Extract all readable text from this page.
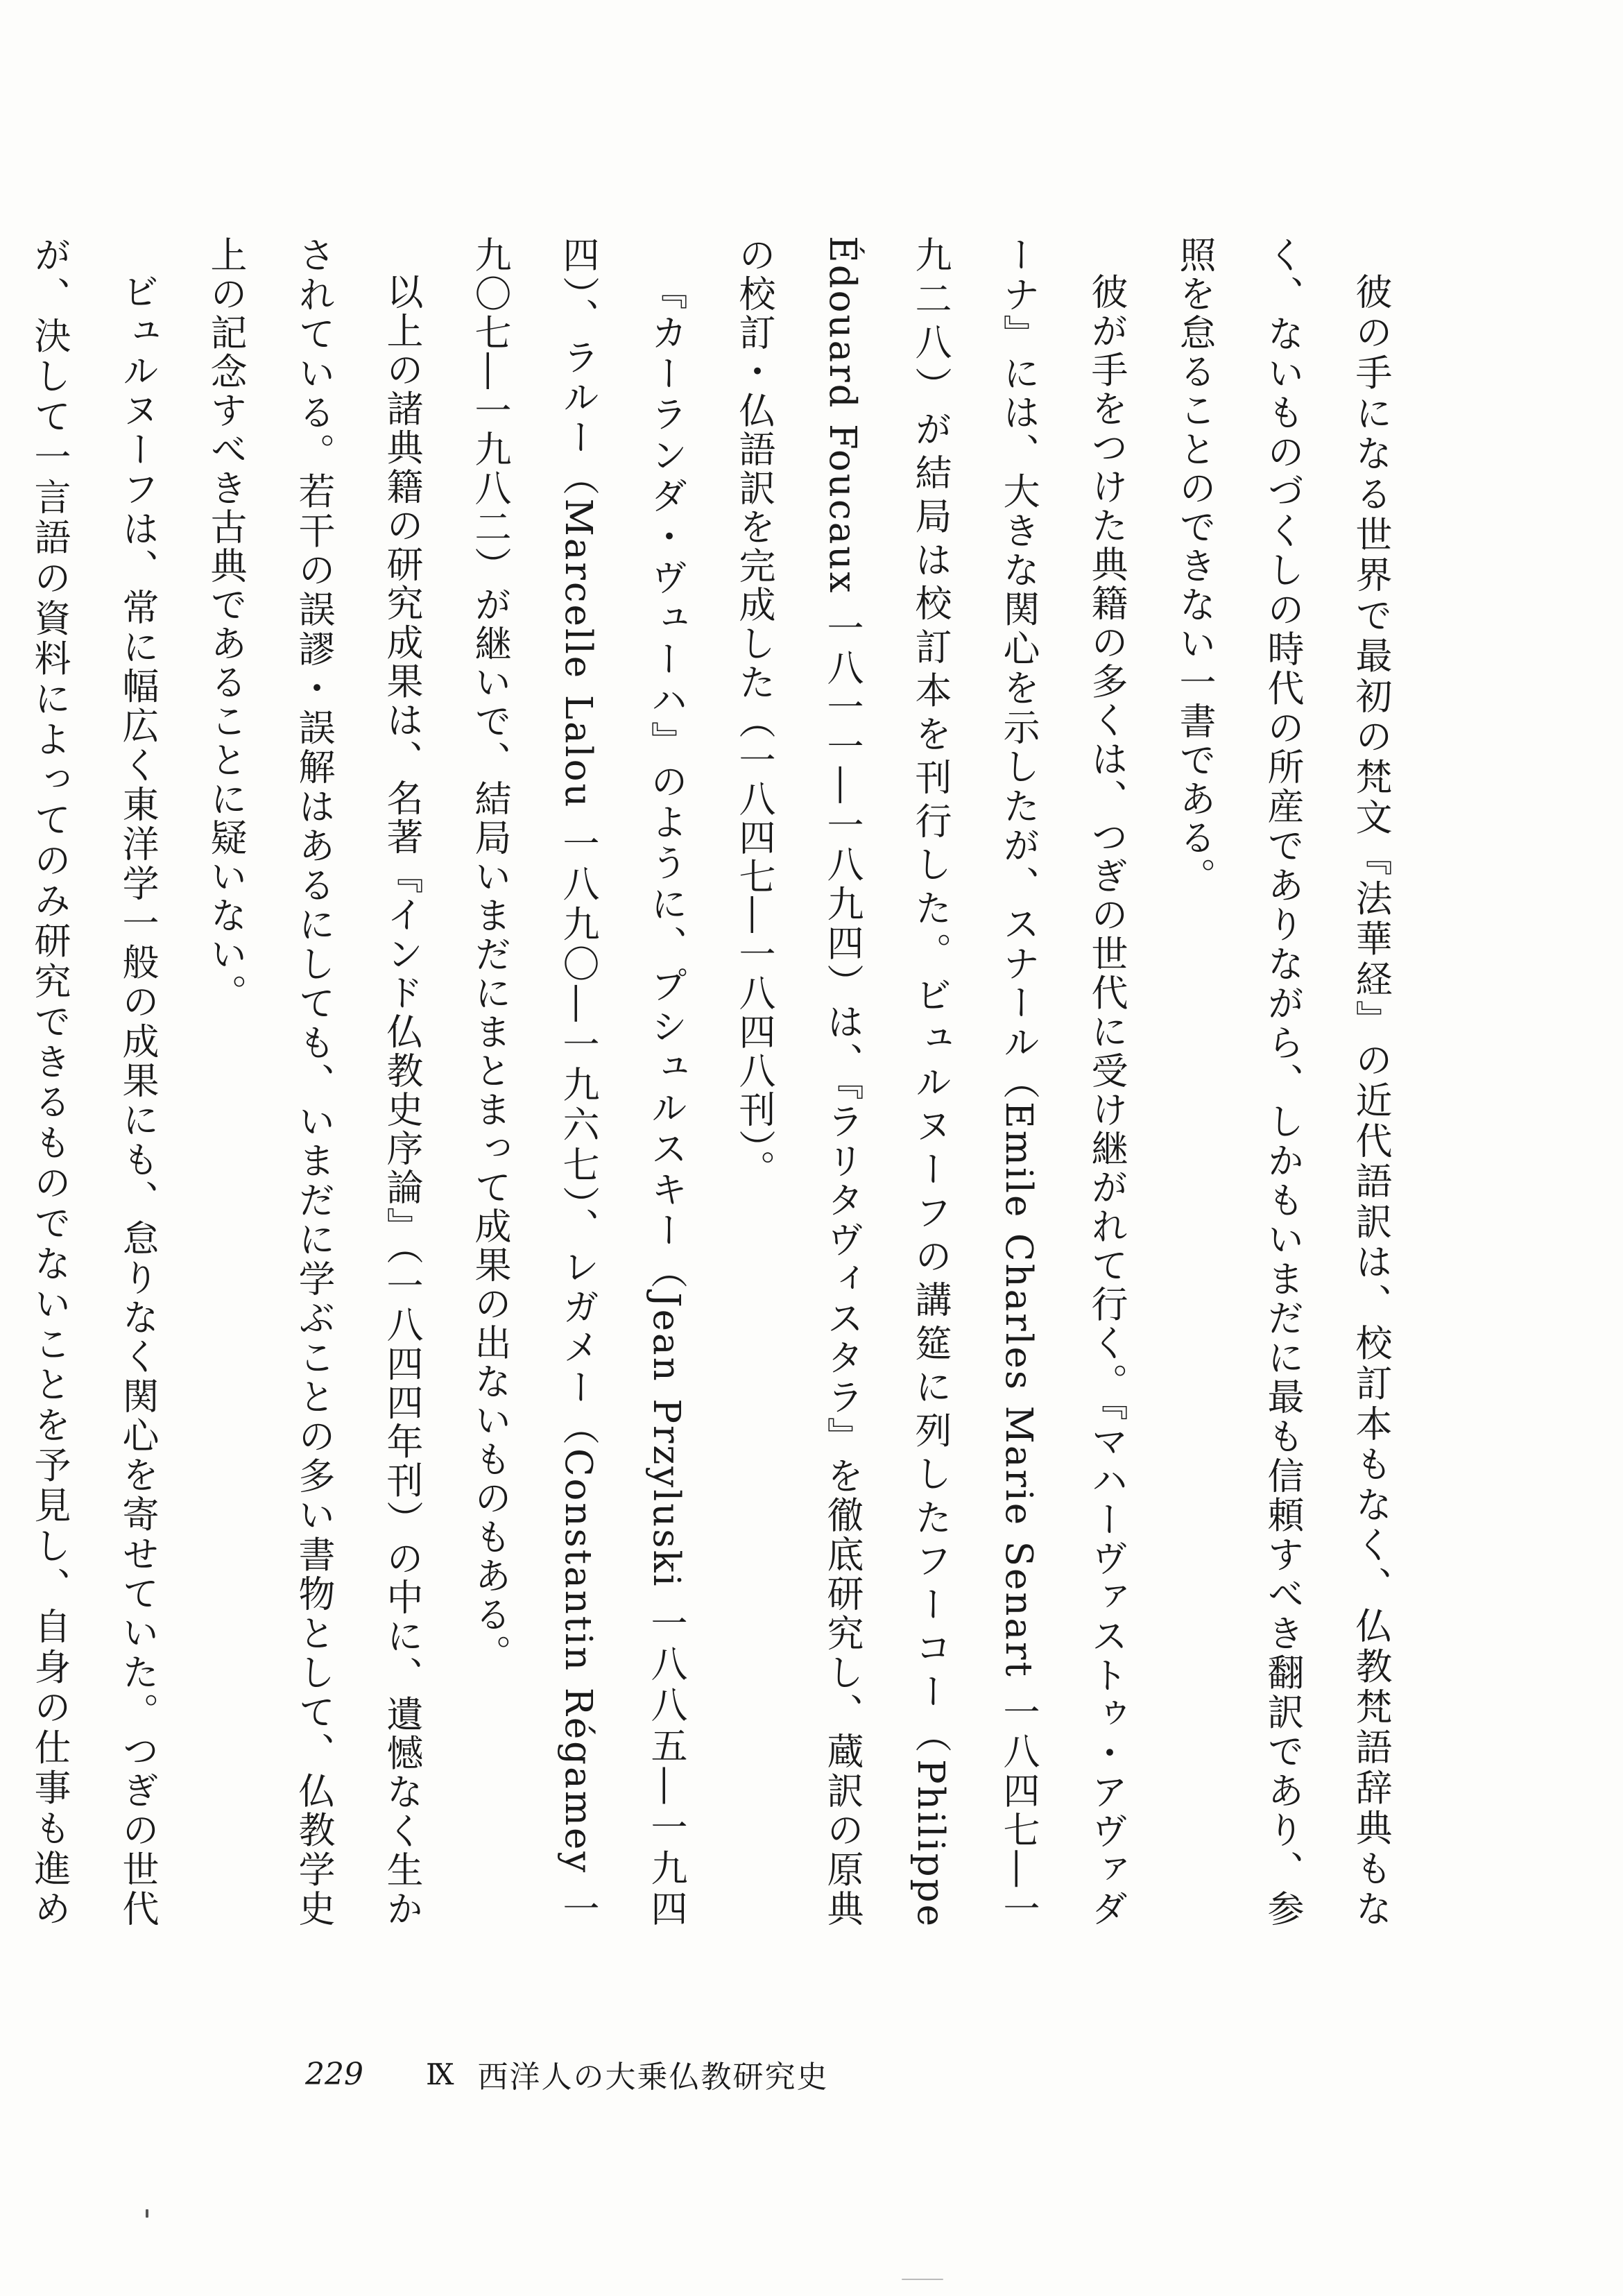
彼の手になる世界で最初の梵文『法華経』の近代語訳は、校訂本もなく、仏教梵語辞典もなく、ないものづくしの時代の所産でありながら、しかもいまだに最も信頼すべき翻訳であり、参照を怠ることのできない一書である。

彼が手をつけた典籍の多くは、つぎの世代に受け継がれて行く。『マハーヴァストゥ・アヴァダーナ』には、大きな関心を示したが、スナール（Emile Charles Marie Senart 一八四七―一九二八）が結局は校訂本を刊行した。ビュルヌーフの講筵に列したフーコー（Philippe Édouard Foucaux 一八一一―一八九四）は、『ラリタヴィスタラ』を徹底研究し、蔵訳の原典の校訂・仏語訳を完成した（一八四七―一八四八刊）。

『カーランダ・ヴューハ』のように、プシュルスキー（Jean Przyluski 一八八五―一九四四）、ラルー（Marcelle Lalou 一八九〇―一九六七）、レガメー（Constantin Régamey 一九〇七―一九八二）が継いで、結局いまだにまとまって成果の出ないものもある。

以上の諸典籍の研究成果は、名著『インド仏教史序論』（一八四四年刊）の中に、遺憾なく生かされている。若干の誤謬・誤解はあるにしても、いまだに学ぶことの多い書物として、仏教学史上の記念すべき古典であることに疑いない。

ビュルヌーフは、常に幅広く東洋学一般の成果にも、怠りなく関心を寄せていた。つぎの世代が、決して一言語の資料によってのみ研究できるものでないことを予見し、自身の仕事も進め

229 Ⅸ 西洋人の大乗仏教研究史
